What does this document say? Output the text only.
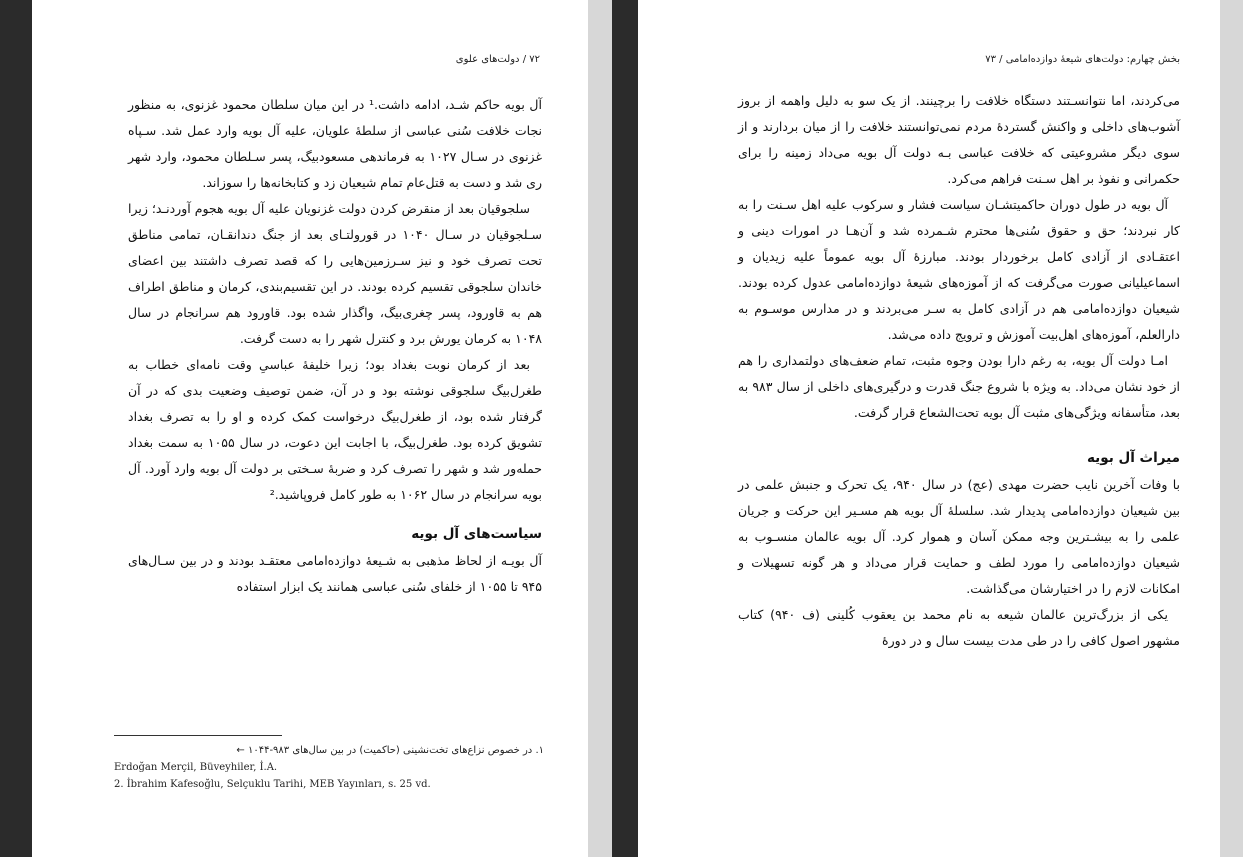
۷۲ / دولت‌های علوی

آل بویه حاکم شـد، ادامه داشت.¹ در این میان سلطان محمود غزنوی، به منظور نجات خلافت سُنی عباسی از سلطهٔ علویان، علیه آل بویه وارد عمل شد. سـپاه غزنوی در سـال ۱۰۲۷ به فرماندهی مسعودبیگ، پسر سـلطان محمود، وارد شهر ری شد و دست به قتل‌عام تمام شیعیان زد و کتابخانه‌ها را سوزاند.

سلجوقیان بعد از منقرض کردن دولت غزنویان علیه آل بویه هجوم آوردنـد؛ زیرا سـلجوقیان در سـال ۱۰۴۰ در قورولتـای بعد از جنگ دندانقـان، تمامی مناطق تحت تصرف خود و نیز سـرزمین‌هایی را که قصد تصرف داشتند بین اعضای خاندان سلجوقی تقسیم کرده بودند. در این تقسیم‌بندی، کرمان و مناطق اطراف هم به قاورود، پسر چغری‌بیگ، واگذار شده بود. قاورود هم سرانجام در سال ۱۰۴۸ به کرمان یورش برد و کنترل شهر را به دست گرفت.

بعد از کرمان نوبت بغداد بود؛ زیرا خلیفهٔ عباسیِ وقت نامه‌ای خطاب به طغرل‌بیگ سلجوقی نوشته بود و در آن، ضمن توصیف وضعیت بدی که در آن گرفتار شده بود، از طغرل‌بیگ درخواست کمک کرده و او را به تصرف بغداد تشویق کرده بود. طغرل‌بیگ، با اجابت این دعوت، در سال ۱۰۵۵ به سمت بغداد حمله‌ور شد و شهر را تصرف کرد و ضربهٔ سـختی بر دولت آل بویه وارد آورد. آل بویه سرانجام در سال ۱۰۶۲ به طور کامل فروپاشید.²

سیاست‌های آل بویه

آل بویـه از لحاظ مذهبی به شـیعهٔ دوازده‌امامی معتقـد بودند و در بین سـال‌های ۹۴۵ تا ۱۰۵۵ از خلفای سُنی عباسی همانند یک ابزار استفاده

۱. در خصوص نزاع‌های تخت‌نشینی (حاکمیت) در بین سال‌های ۹۸۳-۱۰۴۴ ←
Erdoğan Merçil, Büveyhiler, İ.A.
2. İbrahim Kafesoğlu, Selçuklu Tarihi, MEB Yayınları, s. 25 vd.
بخش چهارم: دولت‌های شیعهٔ دوازده‌امامی / ۷۳

می‌کردند، اما نتوانسـتند دستگاه خلافت را برچینند. از یک سو به دلیل واهمه از بروز آشوب‌های داخلی و واکنش گستردهٔ مردم نمی‌توانستند خلافت را از میان بردارند و از سوی دیگر مشروعیتی که خلافت عباسی بـه دولت آل بویه می‌داد زمینه را برای حکمرانی و نفوذ بر اهل سـنت فراهم می‌کرد.

آل بویه در طول دوران حاکمیتشـان سیاست فشار و سرکوب علیه اهل سـنت را به کار نبردند؛ حق و حقوق سُنی‌ها محترم شـمرده شد و آن‌هـا در امورات دینی و اعتقـادی از آزادی کامل برخوردار بودند. مبارزهٔ آل بویه عموماً علیه زیدیان و اسماعیلیانی صورت می‌گرفت که از آموزه‌های شیعهٔ دوازده‌امامی عدول کرده بودند. شیعیان دوازده‌امامی هم در آزادی کامل به سـر می‌بردند و در مدارس موسـوم به دارالعلم، آموزه‌های اهل‌بیت آموزش و ترویج داده می‌شد.

امـا دولت آل بویه، به رغم دارا بودن وجوه مثبت، تمام ضعف‌های دولتمداری را هم از خود نشان می‌داد. به ویژه با شروع جنگ قدرت و درگیری‌های داخلی از سال ۹۸۳ به بعد، متأسفانه ویژگی‌های مثبت آل بویه تحت‌الشعاع قرار گرفت.

میراث آل بویه

با وفات آخرین نایب حضرت مهدی (عج) در سال ۹۴۰، یک تحرک و جنبش علمی در بین شیعیان دوازده‌امامی پدیدار شد. سلسلهٔ آل بویه هم مسـیر این حرکت و جریان علمی را به بیشـترین وجه ممکن آسان و هموار کرد. آل بویه عالمان منسـوب به شیعیان دوازده‌امامی را مورد لطف و حمایت قرار می‌داد و هر گونه تسهیلات و امکانات لازم را در اختیارشان می‌گذاشت.

یکی از بزرگ‌ترین عالمان شیعه به نام محمد بن یعقوب کُلینی (ف ۹۴۰) کتاب مشهور اصول کافی را در طی مدت بیست سال و در دورهٔ
